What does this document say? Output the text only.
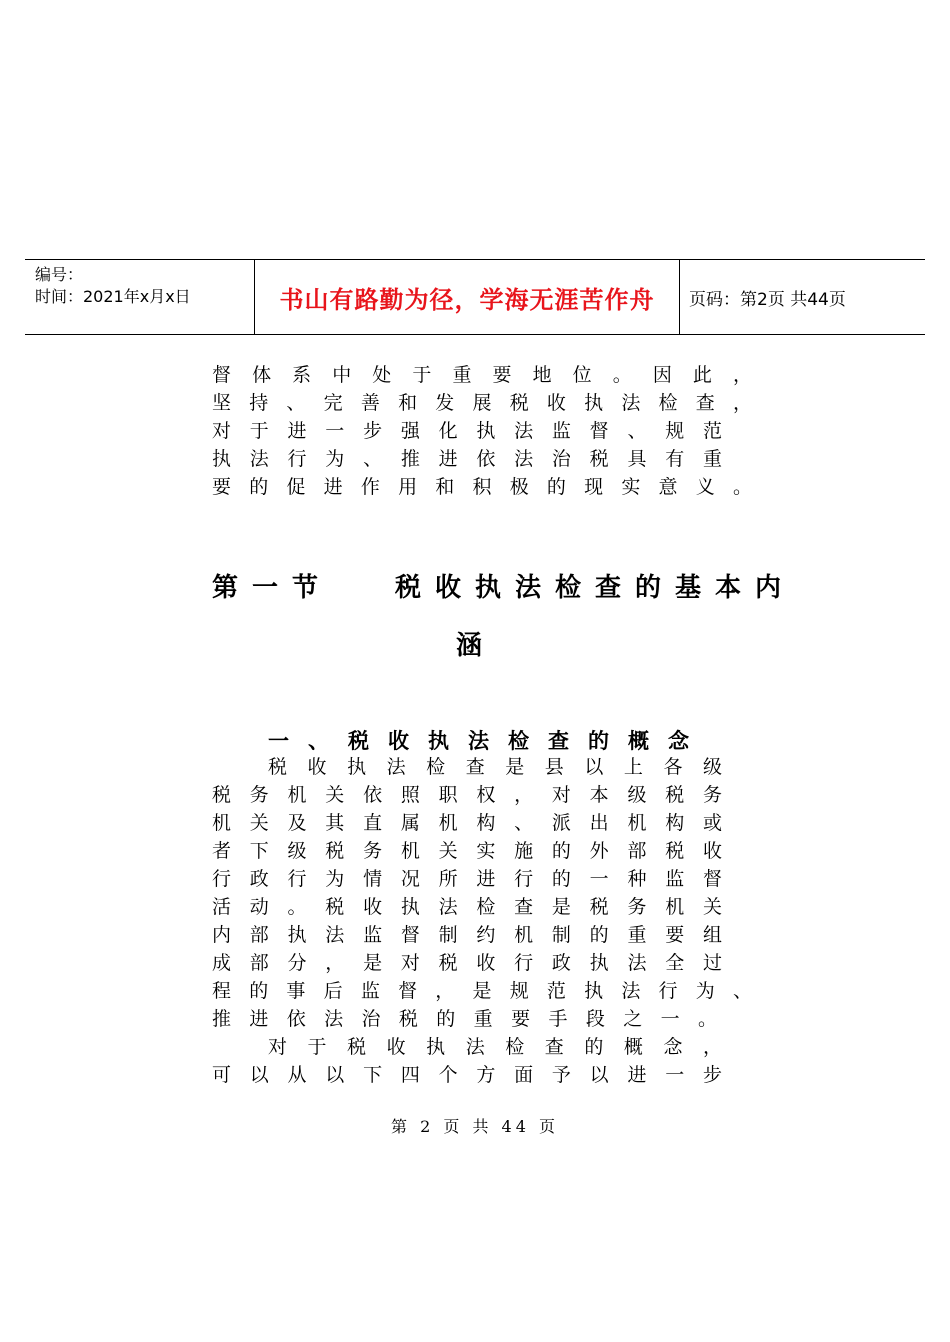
编号：
时间：2021年x月x日	书山有路勤为径，学海无涯苦作舟	页码：第2页 共44页
督体系中处于重要地位。因此，
坚持、完善和发展税收执法检查，
对于进一步强化执法监督、规范
执法行为、推进依法治税具有重
要的促进作用和积极的现实意义。
第一节　 税收执法检查的基本内
涵
一、税收执法检查的概念
税收执法检查是县以上各级
税务机关依照职权，对本级税务
机关及其直属机构、派出机构或
者下级税务机关实施的外部税收
行政行为情况所进行的一种监督
活动。税收执法检查是税务机关
内部执法监督制约机制的重要组
成部分，是对税收行政执法全过
程的事后监督，是规范执法行为、
推进依法治税的重要手段之一。
对于税收执法检查的概念，
可以从以下四个方面予以进一步
第 2 页 共 44 页
